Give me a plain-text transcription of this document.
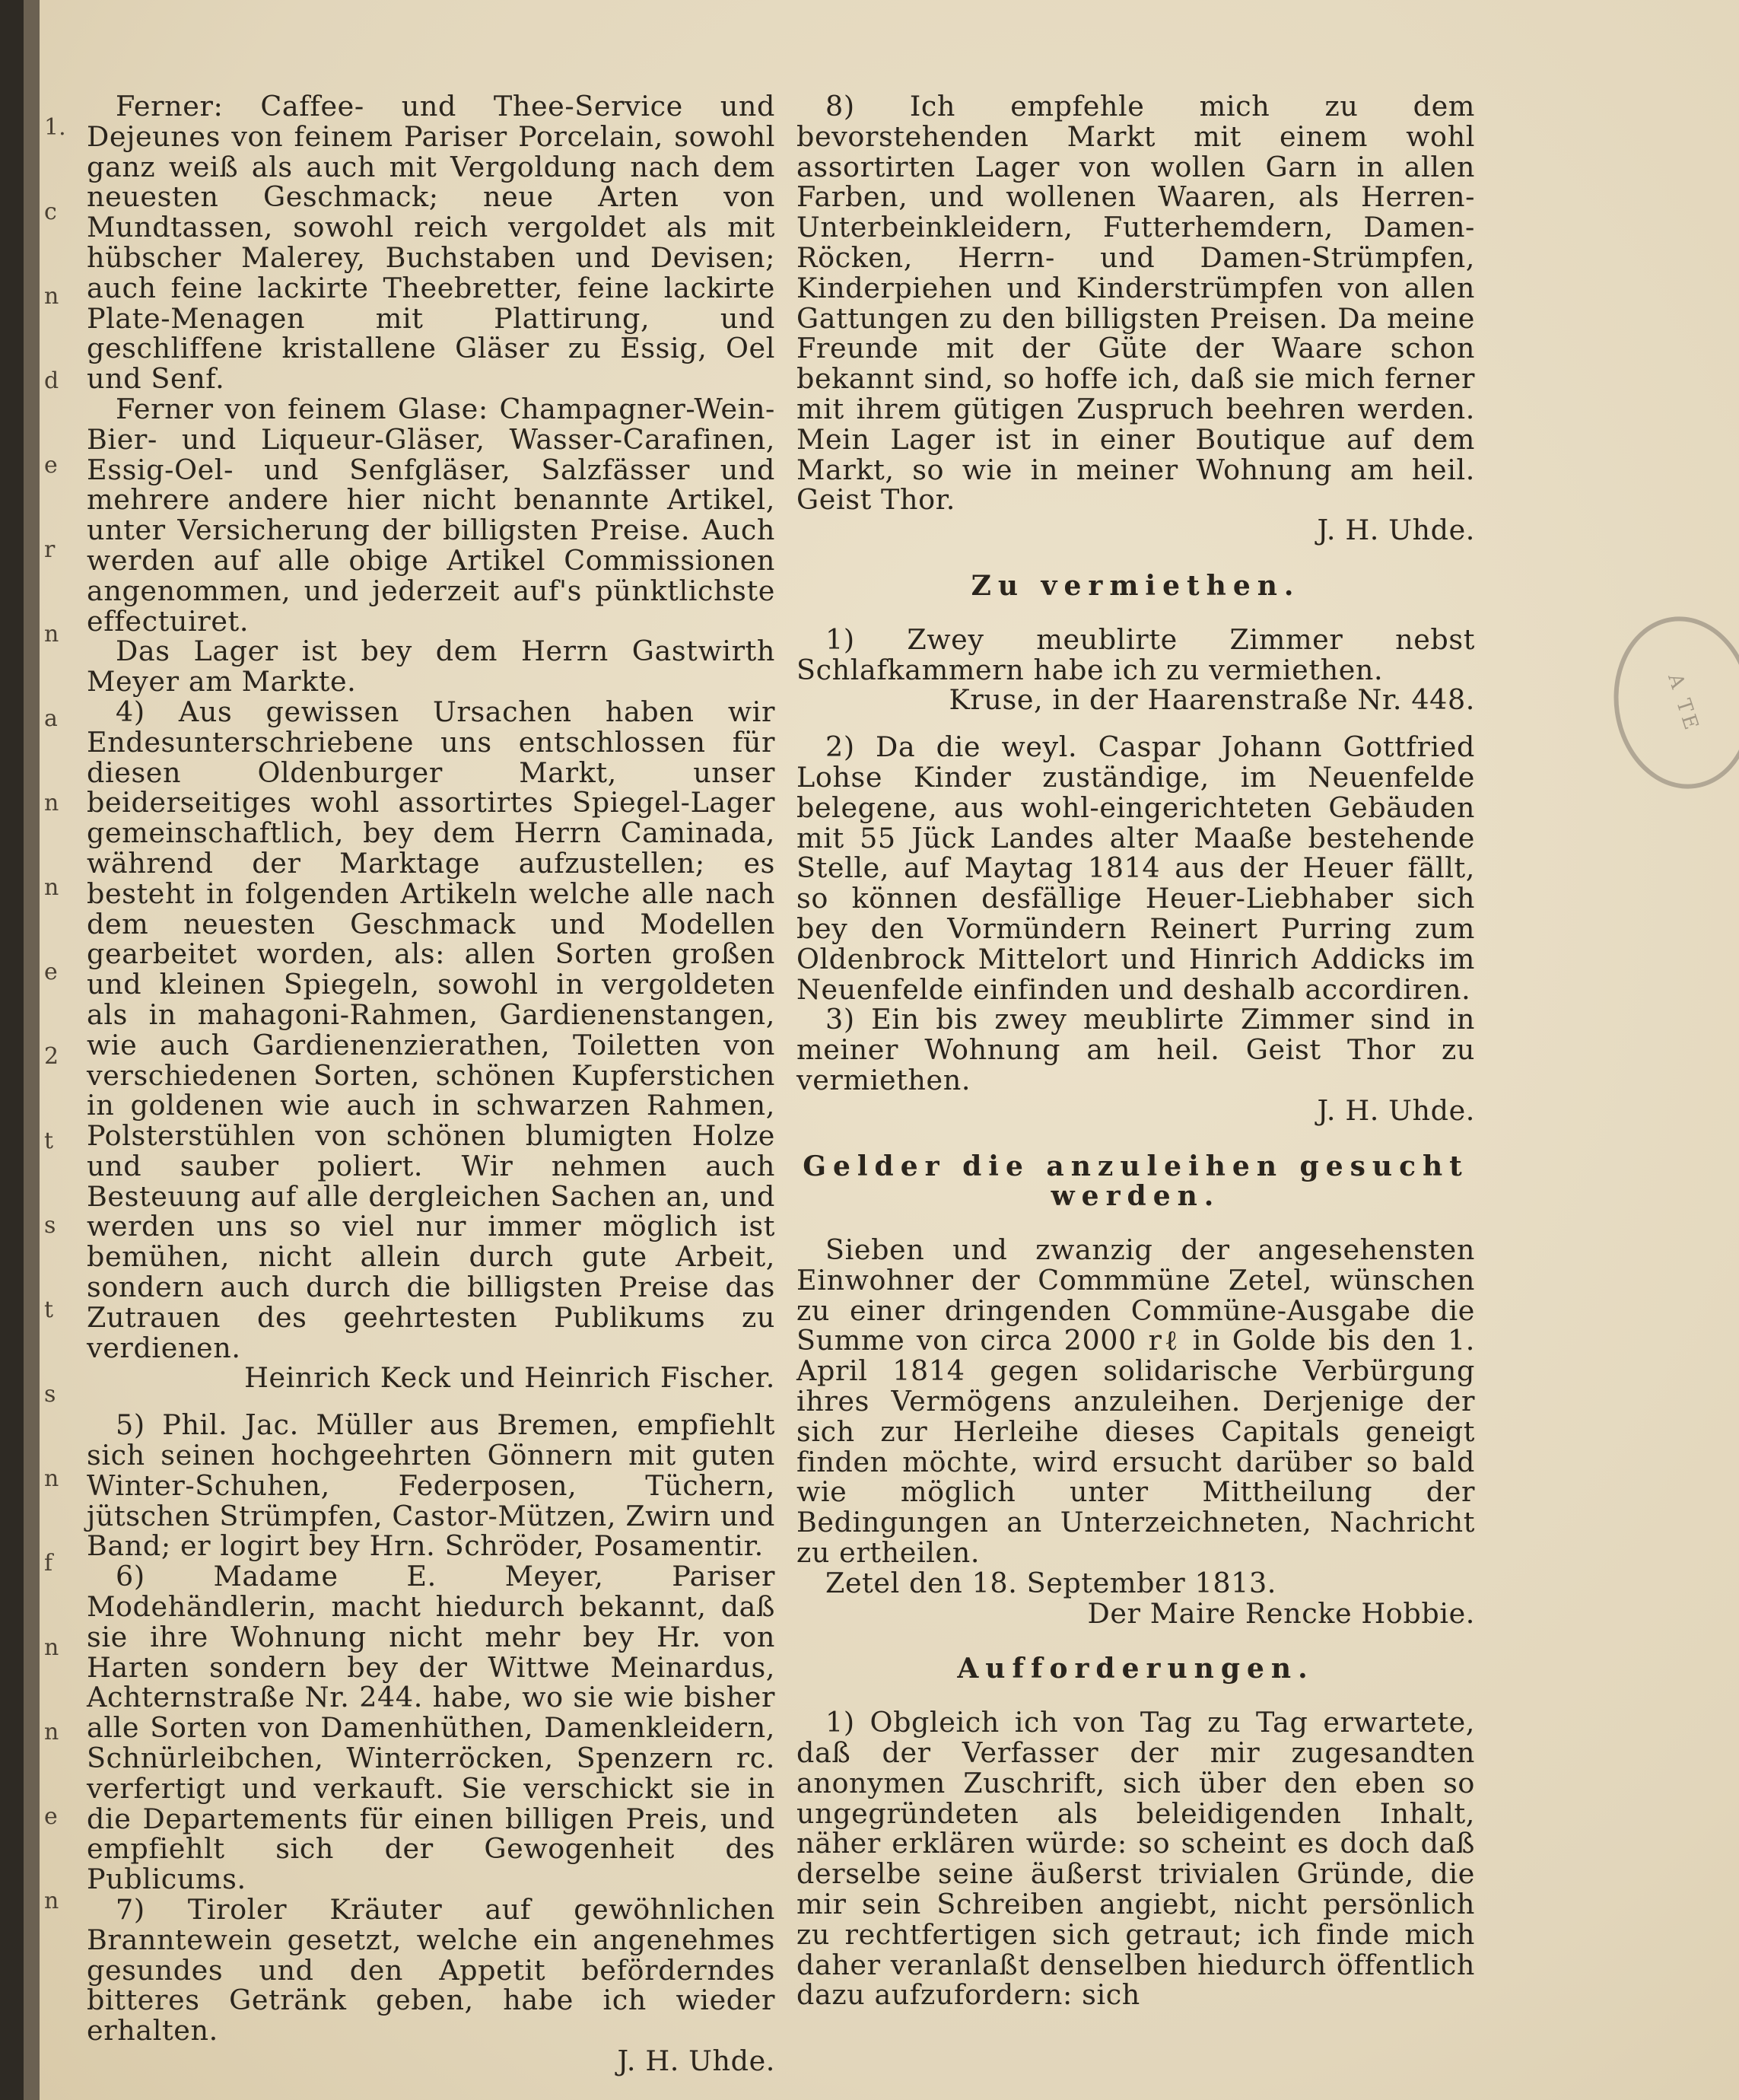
1.
c
n
d
e
r
n
a
n
n
e
2
t
s
t
s
n
f
n
n
e
n

Ferner: Caffee- und Thee-Service und Dejeunes von feinem Pariser Porcelain, sowohl ganz weiß als auch mit Vergoldung nach dem neuesten Geschmack; neue Arten von Mundtassen, sowohl reich vergoldet als mit hübscher Malerey, Buchstaben und Devisen; auch feine lackirte Theebretter, feine lackirte Plate-Menagen mit Plattirung, und geschliffene kristallene Gläser zu Essig, Oel und Senf.

Ferner von feinem Glase: Champagner-Wein-Bier- und Liqueur-Gläser, Wasser-Carafinen, Essig-Oel- und Senfgläser, Salzfässer und mehrere andere hier nicht benannte Artikel, unter Versicherung der billigsten Preise. Auch werden auf alle obige Artikel Commissionen angenommen, und jederzeit auf's pünktlichste effectuiret.

Das Lager ist bey dem Herrn Gastwirth Meyer am Markte.

4) Aus gewissen Ursachen haben wir Endesunterschriebene uns entschlossen für diesen Oldenburger Markt, unser beiderseitiges wohl assortirtes Spiegel-Lager gemeinschaftlich, bey dem Herrn Caminada, während der Marktage aufzustellen; es besteht in folgenden Artikeln welche alle nach dem neuesten Geschmack und Modellen gearbeitet worden, als: allen Sorten großen und kleinen Spiegeln, sowohl in vergoldeten als in mahagoni-Rahmen, Gardienenstangen, wie auch Gardienenzierathen, Toiletten von verschiedenen Sorten, schönen Kupferstichen in goldenen wie auch in schwarzen Rahmen, Polsterstühlen von schönen blumigten Holze und sauber poliert. Wir nehmen auch Besteuung auf alle dergleichen Sachen an, und werden uns so viel nur immer möglich ist bemühen, nicht allein durch gute Arbeit, sondern auch durch die billigsten Preise das Zutrauen des geehrtesten Publikums zu verdienen.

Heinrich Keck und Heinrich Fischer.

5) Phil. Jac. Müller aus Bremen, empfiehlt sich seinen hochgeehrten Gönnern mit guten Winter-Schuhen, Federposen, Tüchern, jütschen Strümpfen, Castor-Mützen, Zwirn und Band; er logirt bey Hrn. Schröder, Posamentir.

6) Madame E. Meyer, Pariser Modehändlerin, macht hiedurch bekannt, daß sie ihre Wohnung nicht mehr bey Hr. von Harten sondern bey der Wittwe Meinardus, Achternstraße Nr. 244. habe, wo sie wie bisher alle Sorten von Damenhüthen, Damenkleidern, Schnürleibchen, Winterröcken, Spenzern rc. verfertigt und verkauft. Sie verschickt sie in die Departements für einen billigen Preis, und empfiehlt sich der Gewogenheit des Publicums.

7) Tiroler Kräuter auf gewöhnlichen Branntewein gesetzt, welche ein angenehmes gesundes und den Appetit beförderndes bitteres Getränk geben, habe ich wieder erhalten.

J. H. Uhde.

8) Ich empfehle mich zu dem bevorstehenden Markt mit einem wohl assortirten Lager von wollen Garn in allen Farben, und wollenen Waaren, als Herren-Unterbeinkleidern, Futterhemdern, Damen-Röcken, Herrn- und Damen-Strümpfen, Kinderpiehen und Kinderstrümpfen von allen Gattungen zu den billigsten Preisen. Da meine Freunde mit der Güte der Waare schon bekannt sind, so hoffe ich, daß sie mich ferner mit ihrem gütigen Zuspruch beehren werden. Mein Lager ist in einer Boutique auf dem Markt, so wie in meiner Wohnung am heil. Geist Thor.

J. H. Uhde.

Zu vermiethen.

1) Zwey meublirte Zimmer nebst Schlafkammern habe ich zu vermiethen.

Kruse, in der Haarenstraße Nr. 448.

2) Da die weyl. Caspar Johann Gottfried Lohse Kinder zuständige, im Neuenfelde belegene, aus wohl-eingerichteten Gebäuden mit 55 Jück Landes alter Maaße bestehende Stelle, auf Maytag 1814 aus der Heuer fällt, so können desfällige Heuer-Liebhaber sich bey den Vormündern Reinert Purring zum Oldenbrock Mittelort und Hinrich Addicks im Neuenfelde einfinden und deshalb accordiren.

3) Ein bis zwey meublirte Zimmer sind in meiner Wohnung am heil. Geist Thor zu vermiethen.

J. H. Uhde.

Gelder die anzuleihen gesucht werden.

Sieben und zwanzig der angesehensten Einwohner der Commmüne Zetel, wünschen zu einer dringenden Commüne-Ausgabe die Summe von circa 2000 rℓ in Golde bis den 1. April 1814 gegen solidarische Verbürgung ihres Vermögens anzuleihen. Derjenige der sich zur Herleihe dieses Capitals geneigt finden möchte, wird ersucht darüber so bald wie möglich unter Mittheilung der Bedingungen an Unterzeichneten, Nachricht zu ertheilen.

Zetel den 18. September 1813.

Der Maire Rencke Hobbie.

Aufforderungen.

1) Obgleich ich von Tag zu Tag erwartete, daß der Verfasser der mir zugesandten anonymen Zuschrift, sich über den eben so ungegründeten als beleidigenden Inhalt, näher erklären würde: so scheint es doch daß derselbe seine äußerst trivialen Gründe, die mir sein Schreiben angiebt, nicht persönlich zu rechtfertigen sich getraut; ich finde mich daher veranlaßt denselben hiedurch öffentlich dazu aufzufordern: sich

A TE
